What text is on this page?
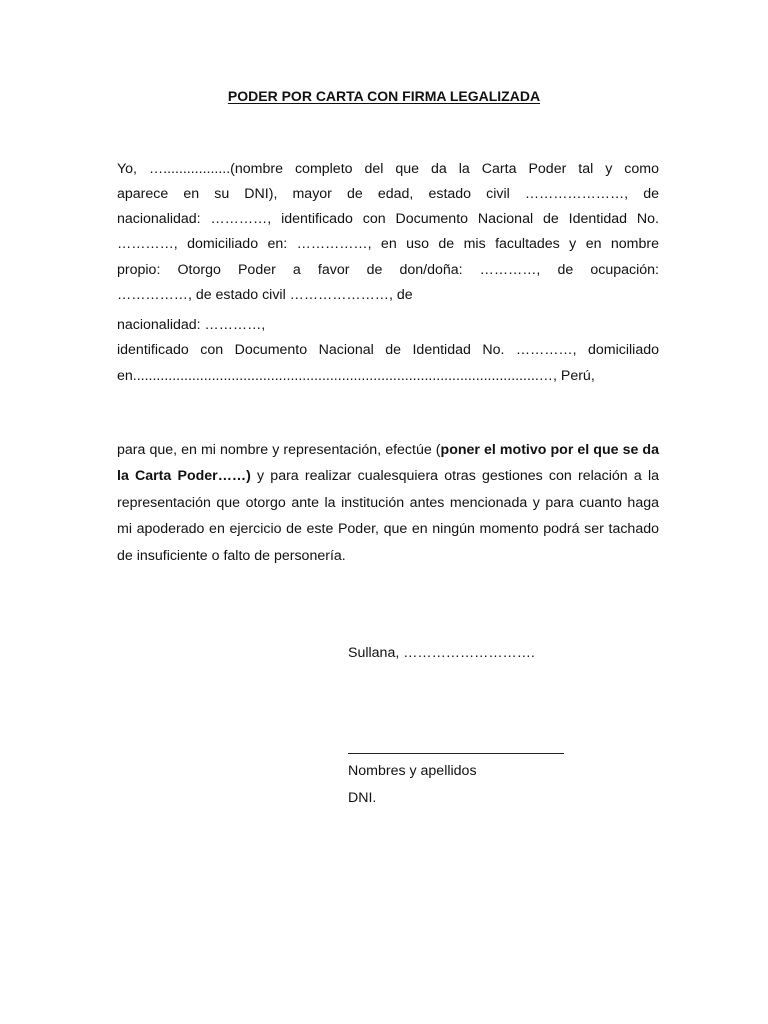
PODER POR CARTA CON FIRMA LEGALIZADA
Yo, ….................(nombre completo del que da la Carta Poder tal y como
aparece en su DNI), mayor de edad, estado civil …………………, de
nacionalidad: …………, identificado con Documento Nacional de Identidad No.
…………, domiciliado en: ……………, en uso de mis facultades y en nombre
propio: Otorgo Poder a favor de don/doña: …………, de ocupación:
……………, de estado civil …………………, de
nacionalidad: …………,
identificado con Documento Nacional de Identidad No. …………, domiciliado
en.......................................................................................................…, Perú,
para que, en mi nombre y representación, efectúe (poner el motivo por el que se da la Carta Poder……) y para realizar cualesquiera otras gestiones con relación a la representación que otorgo ante la institución antes mencionada y para cuanto haga mi apoderado en ejercicio de este Poder, que en ningún momento podrá ser tachado de insuficiente o falto de personería.
Sullana, ……………………….
Nombres y apellidos
DNI.
